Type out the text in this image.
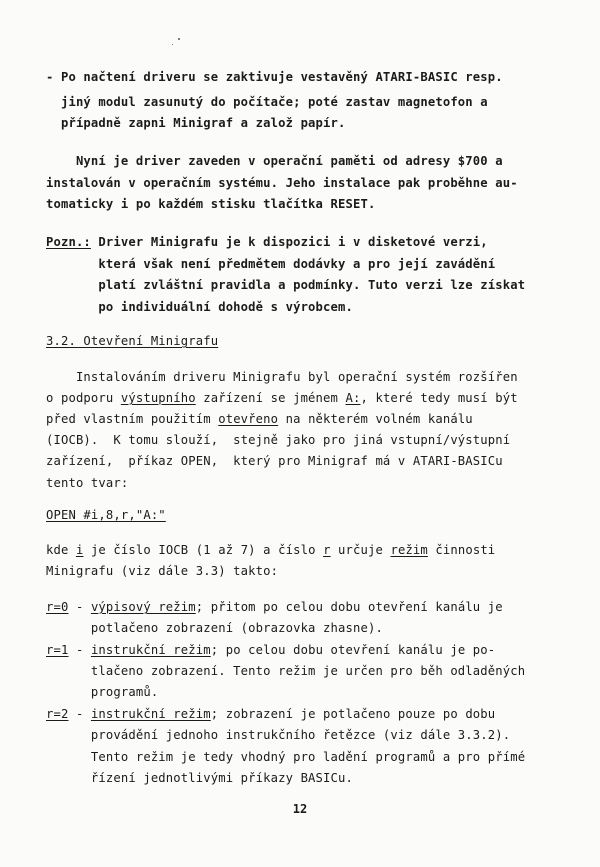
- Po načtení driveru se zaktivuje vestavěný ATARI-BASIC resp.
jiný modul zasunutý do počítače; poté zastav magnetofon a
případně zapni Minigraf a založ papír.
Nyní je driver zaveden v operační paměti od adresy $700 a
instalován v operačním systému. Jeho instalace pak proběhne au-
tomaticky i po každém stisku tlačítka RESET.
Pozn.: Driver Minigrafu je k dispozici i v disketové verzi,
která však není předmětem dodávky a pro její zavádění
platí zvláštní pravidla a podmínky. Tuto verzi lze získat
po individuální dohodě s výrobcem.
3.2. Otevření Minigrafu
Instalováním driveru Minigrafu byl operační systém rozšířen
o podporu výstupního zařízení se jménem A:, které tedy musí být
před vlastním použitím otevřeno na některém volném kanálu
(IOCB).  K tomu slouží,  stejně jako pro jiná vstupní/výstupní
zařízení,  příkaz OPEN,  který pro Minigraf má v ATARI-BASICu
tento tvar:
OPEN #i,8,r,"A:"
kde i je číslo IOCB (1 až 7) a číslo r určuje režim činnosti
Minigrafu (viz dále 3.3) takto:
r=0 - výpisový režim; přitom po celou dobu otevření kanálu je
potlačeno zobrazení (obrazovka zhasne).
r=1 - instrukční režim; po celou dobu otevření kanálu je po-
tlačeno zobrazení. Tento režim je určen pro běh odladěných
programů.
r=2 - instrukční režim; zobrazení je potlačeno pouze po dobu
provádění jednoho instrukčního řetězce (viz dále 3.3.2).
Tento režim je tedy vhodný pro ladění programů a pro přímé
řízení jednotlivými příkazy BASICu.
12
